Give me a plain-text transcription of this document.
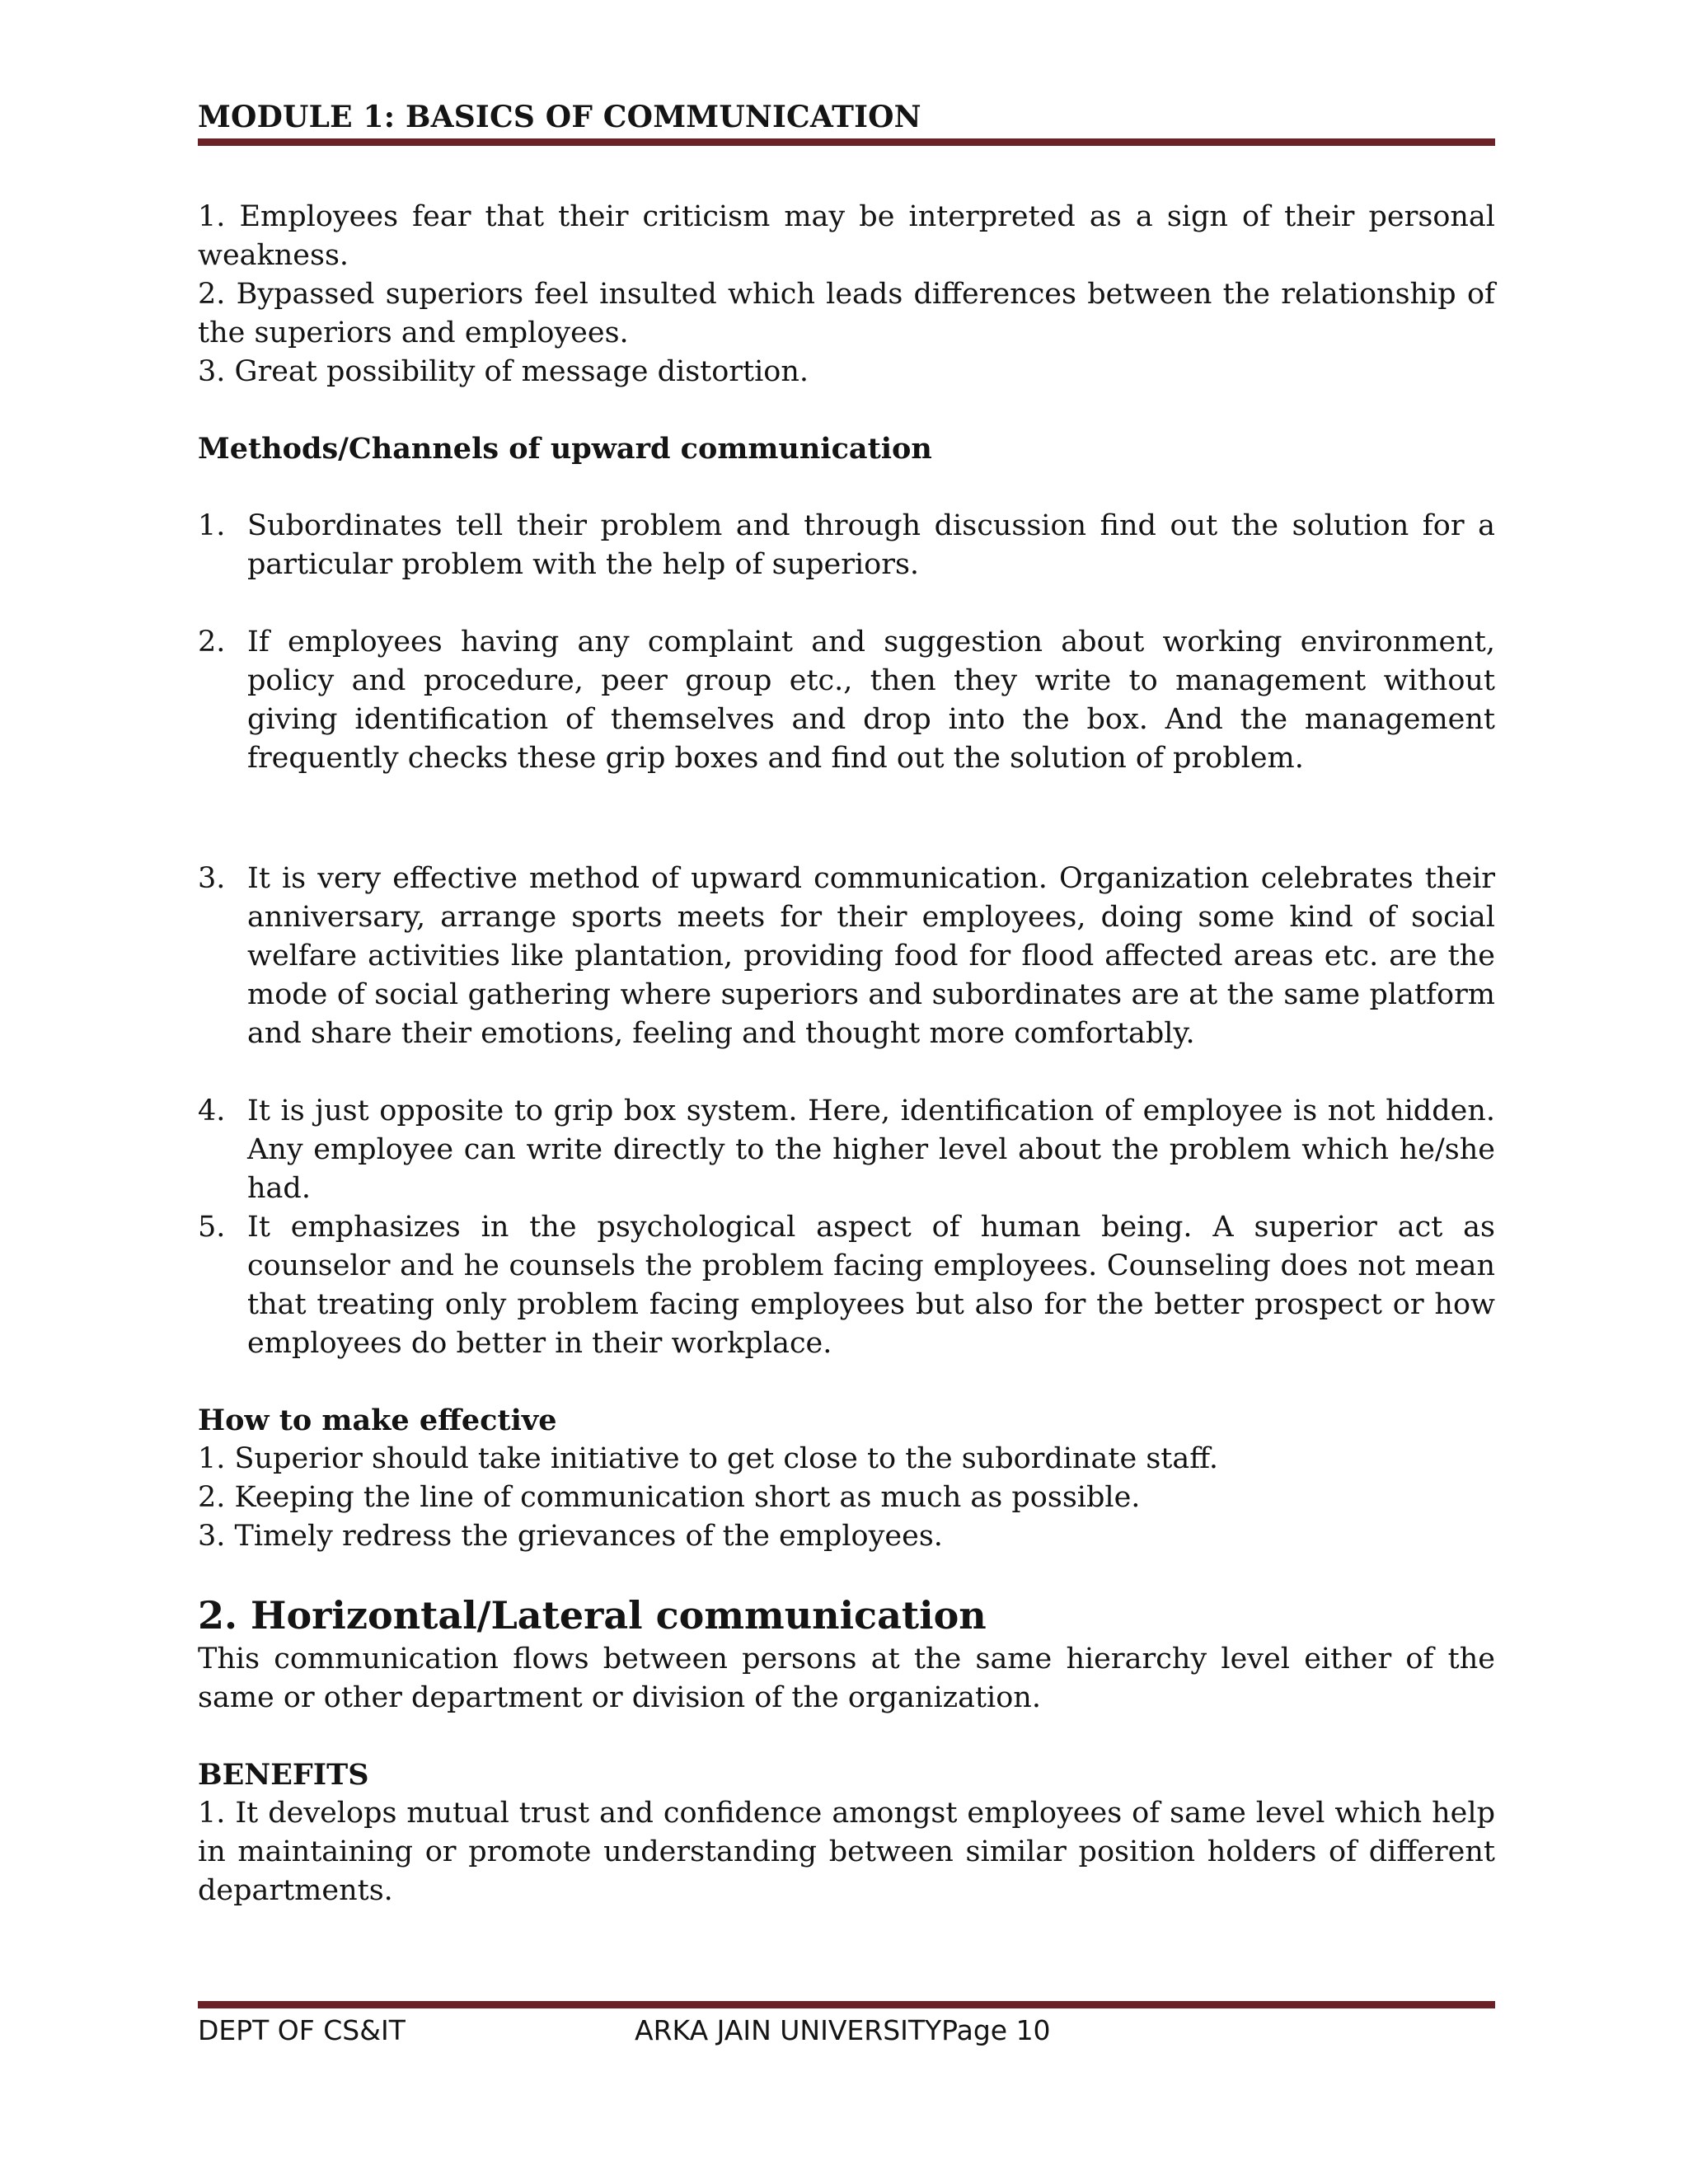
MODULE 1: BASICS OF COMMUNICATION

1. Employees fear that their criticism may be interpreted as a sign of their personal weakness.

2. Bypassed superiors feel insulted which leads differences between the relationship of the superiors and employees.

3. Great possibility of message distortion.

Methods/Channels of upward communication

1. Subordinates tell their problem and through discussion find out the solution for a particular problem with the help of superiors.
2. If employees having any complaint and suggestion about working environment, policy and procedure, peer group etc., then they write to management without giving identification of themselves and drop into the box. And the management frequently checks these grip boxes and find out the solution of problem.
3. It is very effective method of upward communication. Organization celebrates their anniversary, arrange sports meets for their employees, doing some kind of social welfare activities like plantation, providing food for flood affected areas etc. are the mode of social gathering where superiors and subordinates are at the same platform and share their emotions, feeling and thought more comfortably.
4. It is just opposite to grip box system. Here, identification of employee is not hidden. Any employee can write directly to the higher level about the problem which he/she had.
5. It emphasizes in the psychological aspect of human being. A superior act as counselor and he counsels the problem facing employees. Counseling does not mean that treating only problem facing employees but also for the better prospect or how employees do better in their workplace.

How to make effective

1. Superior should take initiative to get close to the subordinate staff.

2. Keeping the line of communication short as much as possible.

3. Timely redress the grievances of the employees.

2. Horizontal/Lateral communication

This communication flows between persons at the same hierarchy level either of the same or other department or division of the organization.

BENEFITS

1. It develops mutual trust and confidence amongst employees of same level which help in maintaining or promote understanding between similar position holders of different departments.

DEPT OF CS&IT	ARKA JAIN UNIVERSITYPage 10
